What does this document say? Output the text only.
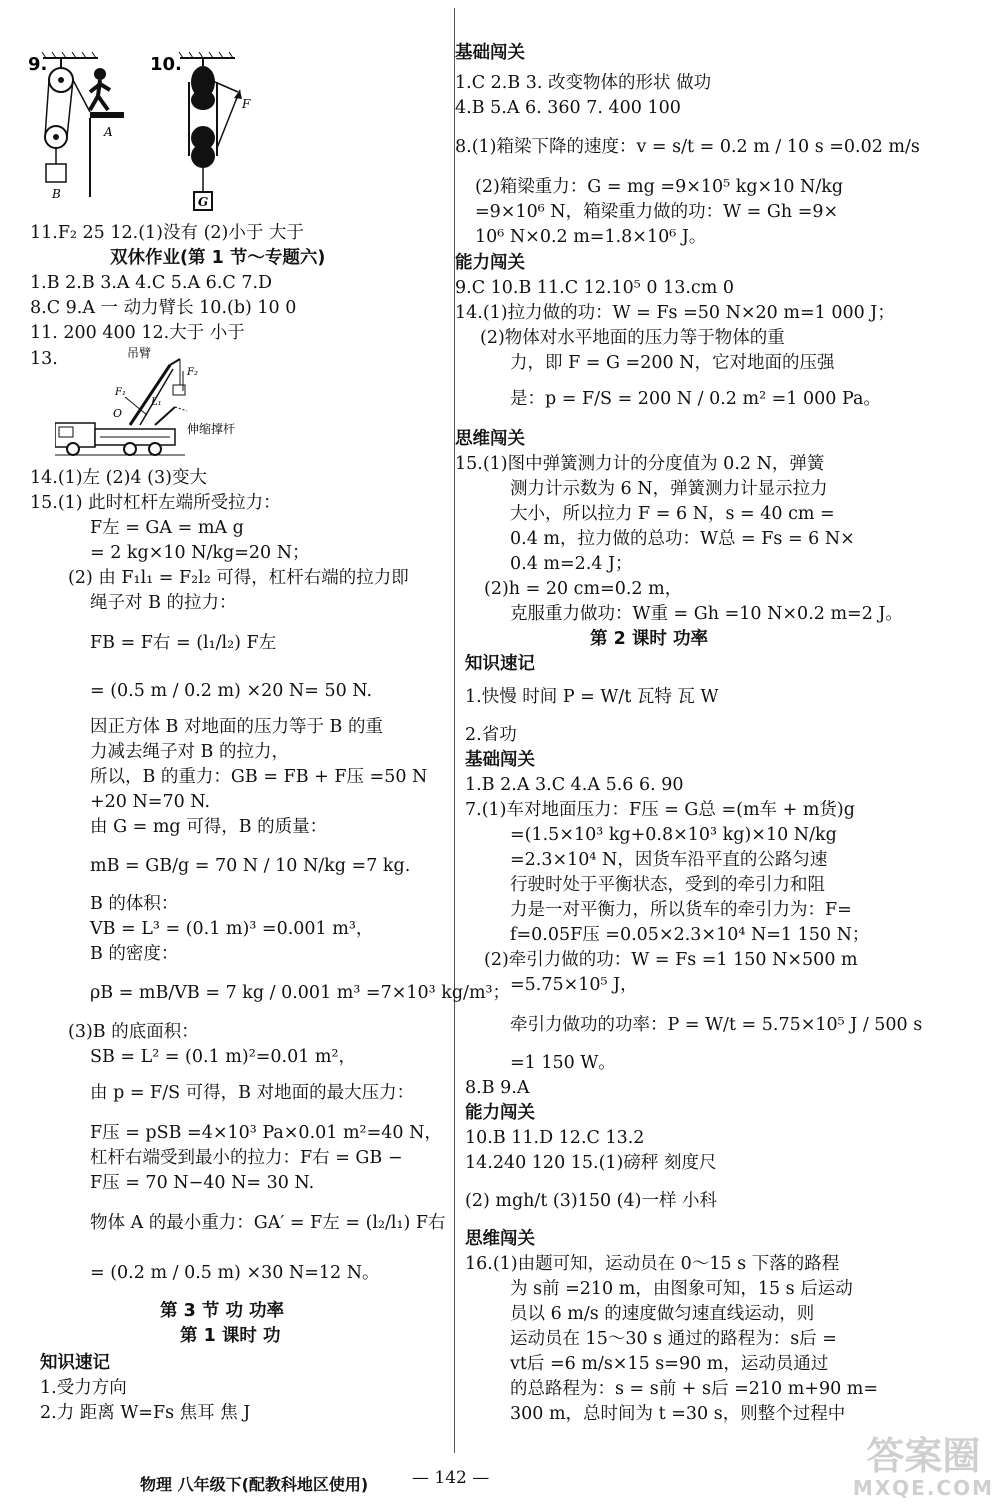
9.
B
A
10.
F
G
吊臂
F₂
F₁
O
L₁
伸缩撑杆
11.F₂ 25 12.(1)没有 (2)小于 大于
双休作业(第 1 节～专题六)
1.B 2.B 3.A 4.C 5.A 6.C 7.D
8.C 9.A 一 动力臂长 10.(b) 10 0
11. 200 400 12.大于 小于
13.
14.(1)左 (2)4 (3)变大
15.(1) 此时杠杆左端所受拉力：
F左 = GA = mA g
= 2 kg×10 N/kg=20 N；
(2) 由 F₁l₁ = F₂l₂ 可得，杠杆右端的拉力即
绳子对 B 的拉力：
FB = F右 = (l₁/l₂) F左
= (0.5 m / 0.2 m) ×20 N= 50 N.
因正方体 B 对地面的压力等于 B 的重
力减去绳子对 B 的拉力，
所以，B 的重力：GB = FB + F压 =50 N
+20 N=70 N.
由 G = mg 可得，B 的质量：
mB = GB/g = 70 N / 10 N/kg =7 kg.
B 的体积：
VB = L³ = (0.1 m)³ =0.001 m³，
B 的密度：
ρB = mB/VB = 7 kg / 0.001 m³ =7×10³ kg/m³；
(3)B 的底面积：
SB = L² = (0.1 m)²=0.01 m²，
由 p = F/S 可得，B 对地面的最大压力：
F压 = pSB =4×10³ Pa×0.01 m²=40 N，
杠杆右端受到最小的拉力：F右 = GB −
F压 = 70 N−40 N= 30 N.
物体 A 的最小重力：GA′ = F左 = (l₂/l₁) F右
= (0.2 m / 0.5 m) ×30 N=12 N。
第 3 节 功 功率
第 1 课时 功
知识速记
1.受力方向
2.力 距离 W=Fs 焦耳 焦 J
基础闯关
1.C 2.B 3. 改变物体的形状 做功
4.B 5.A 6. 360 7. 400 100
8.(1)箱梁下降的速度：v = s/t = 0.2 m / 10 s =0.02 m/s
(2)箱梁重力：G = mg =9×10⁵ kg×10 N/kg
=9×10⁶ N，箱梁重力做的功：W = Gh =9×
10⁶ N×0.2 m=1.8×10⁶ J。
能力闯关
9.C 10.B 11.C 12.10⁵ 0 13.cm 0
14.(1)拉力做的功：W = Fs =50 N×20 m=1 000 J；
(2)物体对水平地面的压力等于物体的重
力，即 F = G =200 N，它对地面的压强
是：p = F/S = 200 N / 0.2 m² =1 000 Pa。
思维闯关
15.(1)图中弹簧测力计的分度值为 0.2 N，弹簧
测力计示数为 6 N，弹簧测力计显示拉力
大小，所以拉力 F = 6 N，s = 40 cm =
0.4 m，拉力做的总功：W总 = Fs = 6 N×
0.4 m=2.4 J；
(2)h = 20 cm=0.2 m，
克服重力做功：W重 = Gh =10 N×0.2 m=2 J。
第 2 课时 功率
知识速记
1.快慢 时间 P = W/t 瓦特 瓦 W
2.省功
基础闯关
1.B 2.A 3.C 4.A 5.6 6. 90
7.(1)车对地面压力：F压 = G总 =(m车 + m货)g
=(1.5×10³ kg+0.8×10³ kg)×10 N/kg
=2.3×10⁴ N，因货车沿平直的公路匀速
行驶时处于平衡状态，受到的牵引力和阻
力是一对平衡力，所以货车的牵引力为：F=
f=0.05F压 =0.05×2.3×10⁴ N=1 150 N；
(2)牵引力做的功：W = Fs =1 150 N×500 m
=5.75×10⁵ J，
牵引力做功的功率：P = W/t = 5.75×10⁵ J / 500 s
=1 150 W。
8.B 9.A
能力闯关
10.B 11.D 12.C 13.2
14.240 120 15.(1)磅秤 刻度尺
(2) mgh/t (3)150 (4)一样 小科
思维闯关
16.(1)由题可知，运动员在 0～15 s 下落的路程
为 s前 =210 m，由图象可知，15 s 后运动
员以 6 m/s 的速度做匀速直线运动，则
运动员在 15～30 s 通过的路程为：s后 =
vt后 =6 m/s×15 s=90 m，运动员通过
的总路程为：s = s前 + s后 =210 m+90 m=
300 m，总时间为 t =30 s，则整个过程中
物理 八年级下(配教科地区使用)	— 142 —	答案圈
MXQE.COM
